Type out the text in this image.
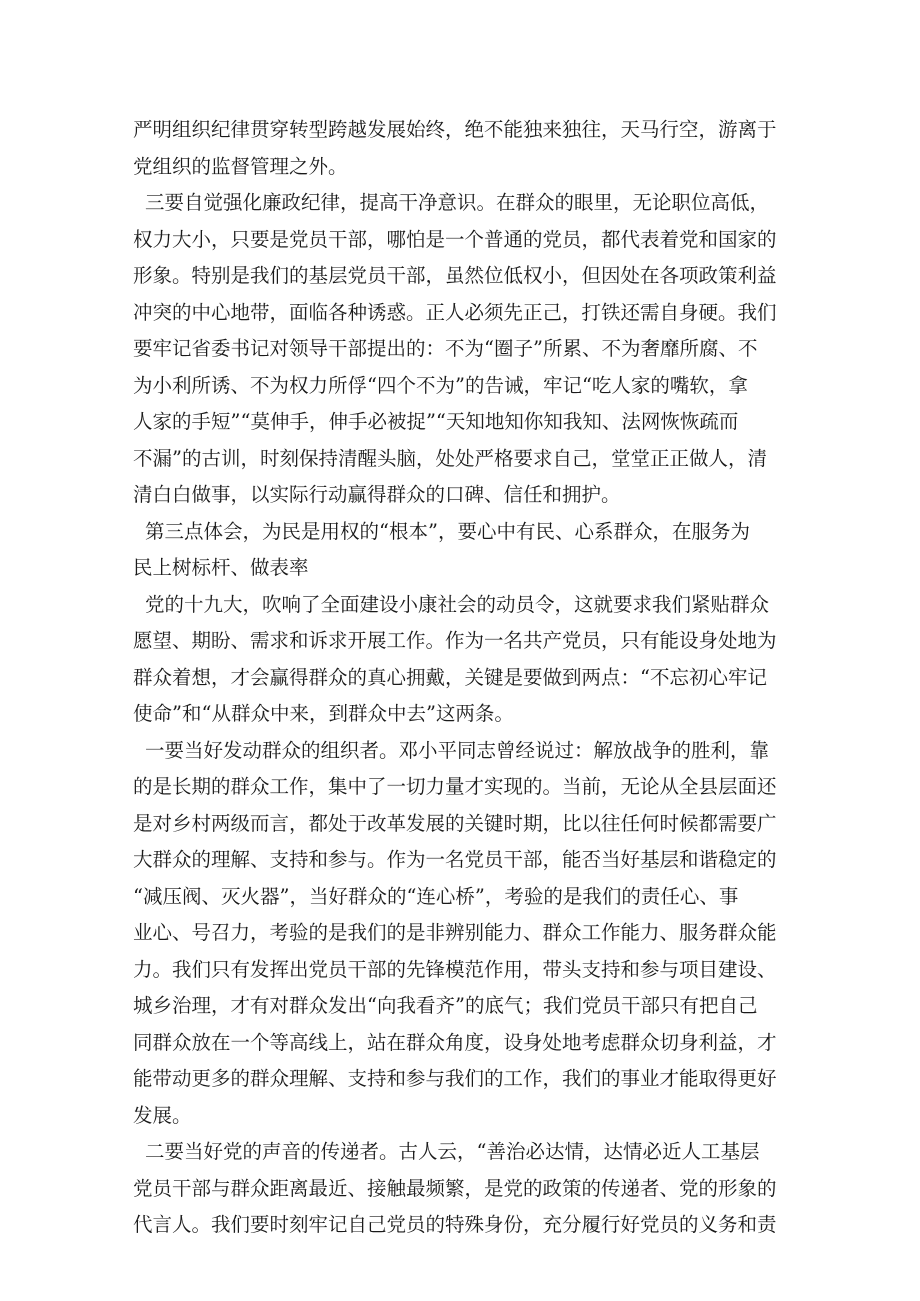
严明组织纪律贯穿转型跨越发展始终，绝不能独来独往，天马行空，游离于
党组织的监督管理之外。

三要自觉强化廉政纪律，提高干净意识。在群众的眼里，无论职位高低，
权力大小，只要是党员干部，哪怕是一个普通的党员，都代表着党和国家的
形象。特别是我们的基层党员干部，虽然位低权小，但因处在各项政策利益
冲突的中心地带，面临各种诱惑。正人必须先正己，打铁还需自身硬。我们
要牢记省委书记对领导干部提出的：不为“圈子”所累、不为奢靡所腐、不
为小利所诱、不为权力所俘“四个不为”的告诫，牢记“吃人家的嘴软，拿
人家的手短”“莫伸手，伸手必被捉”“天知地知你知我知、法网恢恢疏而
不漏”的古训，时刻保持清醒头脑，处处严格要求自己，堂堂正正做人，清
清白白做事，以实际行动赢得群众的口碑、信任和拥护。

第三点体会，为民是用权的“根本”，要心中有民、心系群众，在服务为
民上树标杆、做表率

党的十九大，吹响了全面建设小康社会的动员令，这就要求我们紧贴群众
愿望、期盼、需求和诉求开展工作。作为一名共产党员，只有能设身处地为
群众着想，才会赢得群众的真心拥戴，关键是要做到两点：“不忘初心牢记
使命”和“从群众中来，到群众中去”这两条。

一要当好发动群众的组织者。邓小平同志曾经说过：解放战争的胜利，靠
的是长期的群众工作，集中了一切力量才实现的。当前，无论从全县层面还
是对乡村两级而言，都处于改革发展的关键时期，比以往任何时候都需要广
大群众的理解、支持和参与。作为一名党员干部，能否当好基层和谐稳定的
“减压阀、灭火器”，当好群众的“连心桥”，考验的是我们的责任心、事
业心、号召力，考验的是我们的是非辨别能力、群众工作能力、服务群众能
力。我们只有发挥出党员干部的先锋模范作用，带头支持和参与项目建设、
城乡治理，才有对群众发出“向我看齐”的底气；我们党员干部只有把自己
同群众放在一个等高线上，站在群众角度，设身处地考虑群众切身利益，才
能带动更多的群众理解、支持和参与我们的工作，我们的事业才能取得更好
发展。

二要当好党的声音的传递者。古人云，“善治必达情，达情必近人工基层
党员干部与群众距离最近、接触最频繁，是党的政策的传递者、党的形象的
代言人。我们要时刻牢记自己党员的特殊身份，充分履行好党员的义务和责
